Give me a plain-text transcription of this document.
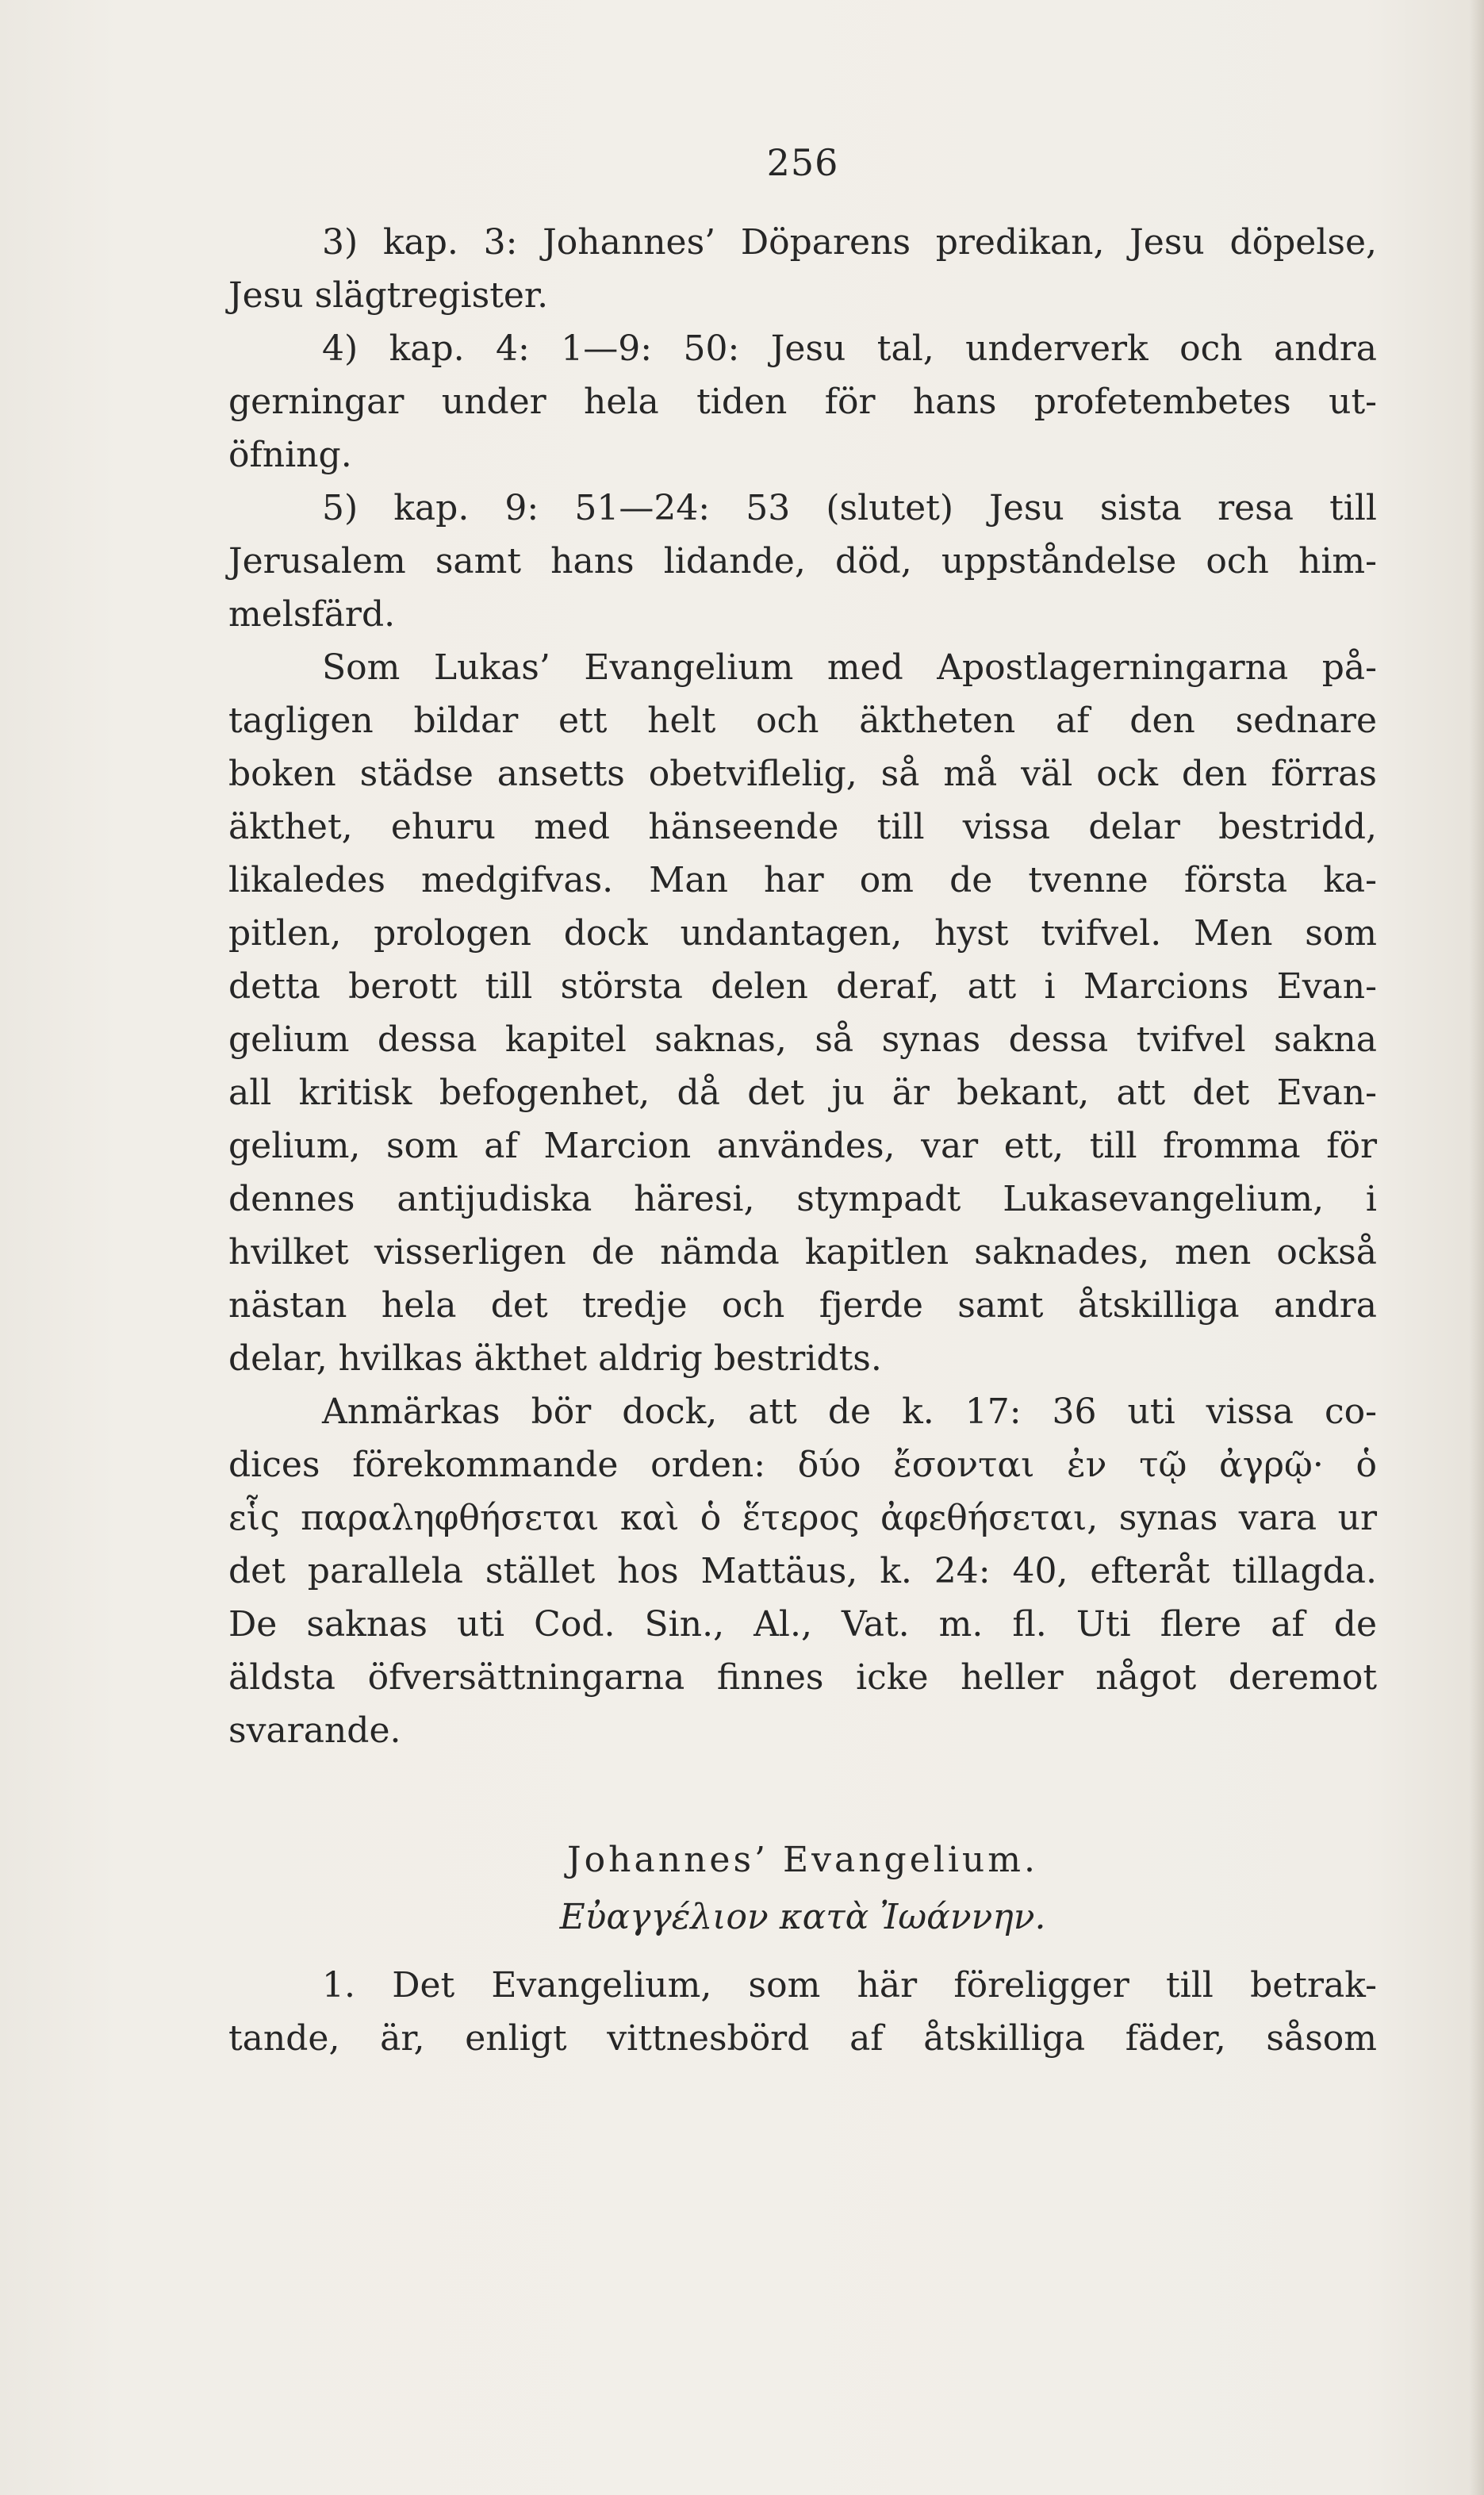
256
3) kap. 3: Johannes’ Döparens predikan, Jesu döpelse,
Jesu slägtregister.
4) kap. 4: 1—9: 50: Jesu tal, underverk och andra
gerningar under hela tiden för hans profetembetes ut-
öfning.
5) kap. 9: 51—24: 53 (slutet) Jesu sista resa till
Jerusalem samt hans lidande, död, uppståndelse och him-
melsfärd.
Som Lukas’ Evangelium med Apostlagerningarna på-
tagligen bildar ett helt och äktheten af den sednare
boken städse ansetts obetviflelig, så må väl ock den förras
äkthet, ehuru med hänseende till vissa delar bestridd,
likaledes medgifvas. Man har om de tvenne första ka-
pitlen, prologen dock undantagen, hyst tvifvel. Men som
detta berott till största delen deraf, att i Marcions Evan-
gelium dessa kapitel saknas, så synas dessa tvifvel sakna
all kritisk befogenhet, då det ju är bekant, att det Evan-
gelium, som af Marcion användes, var ett, till fromma för
dennes antijudiska häresi, stympadt Lukasevangelium, i
hvilket visserligen de nämda kapitlen saknades, men också
nästan hela det tredje och fjerde samt åtskilliga andra
delar, hvilkas äkthet aldrig bestridts.
Anmärkas bör dock, att de k. 17: 36 uti vissa co-
dices förekommande orden: δύο ἔσονται ἐν τῷ ἀγρῷ· ὁ
εἷς παραληφθήσεται καὶ ὁ ἕτερος ἀφεθήσεται, synas vara ur
det parallela stället hos Mattäus, k. 24: 40, efteråt tillagda.
De saknas uti Cod. Sin., Al., Vat. m. fl. Uti flere af de
äldsta öfversättningarna finnes icke heller något deremot
svarande.
Johannes’ Evangelium.
Εὐαγγέλιον κατὰ Ἰωάννην.
1. Det Evangelium, som här föreligger till betrak-
tande, är, enligt vittnesbörd af åtskilliga fäder, såsom
